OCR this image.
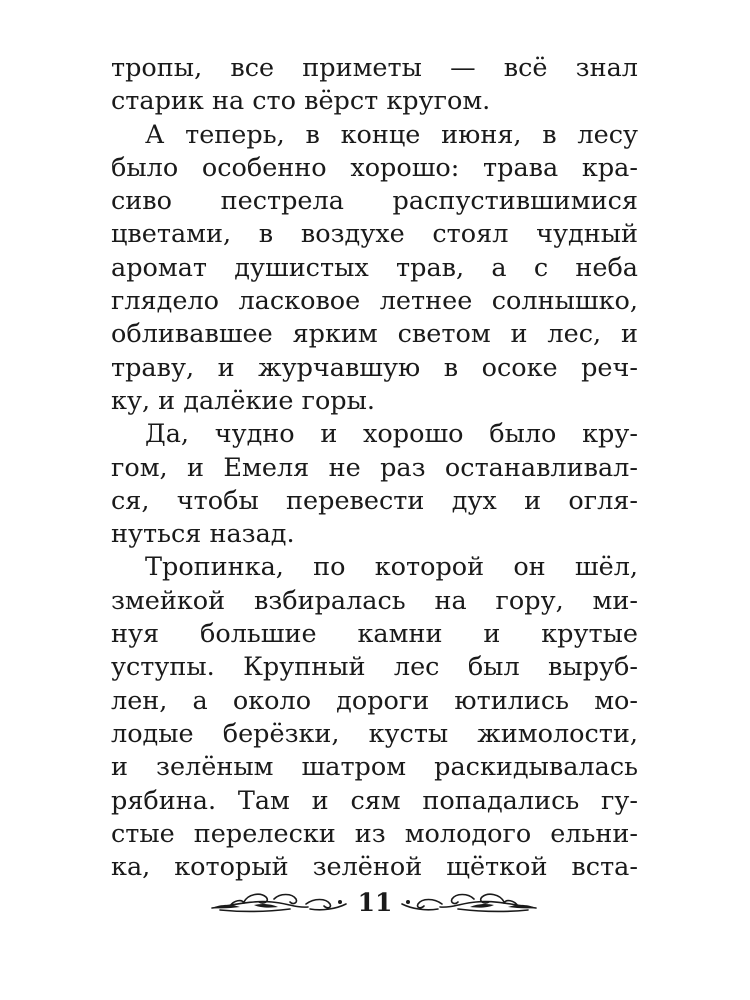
тропы, все приметы — всё знал
старик на сто вёрст кругом.
А теперь, в конце июня, в лесу
было особенно хорошо: трава кра-
сиво пестрела распустившимися
цветами, в воздухе стоял чудный
аромат душистых трав, а с неба
глядело ласковое летнее солнышко,
обливавшее ярким светом и лес, и
траву, и журчавшую в осоке реч-
ку, и далёкие горы.
Да, чудно и хорошо было кру-
гом, и Емеля не раз останавливал-
ся, чтобы перевести дух и огля-
нуться назад.
Тропинка, по которой он шёл,
змейкой взбиралась на гору, ми-
нуя большие камни и крутые
уступы. Крупный лес был выруб-
лен, а около дороги ютились мо-
лодые берёзки, кусты жимолости,
и зелёным шатром раскидывалась
рябина. Там и сям попадались гу-
стые перелески из молодого ельни-
ка, который зелёной щёткой вста-
11
